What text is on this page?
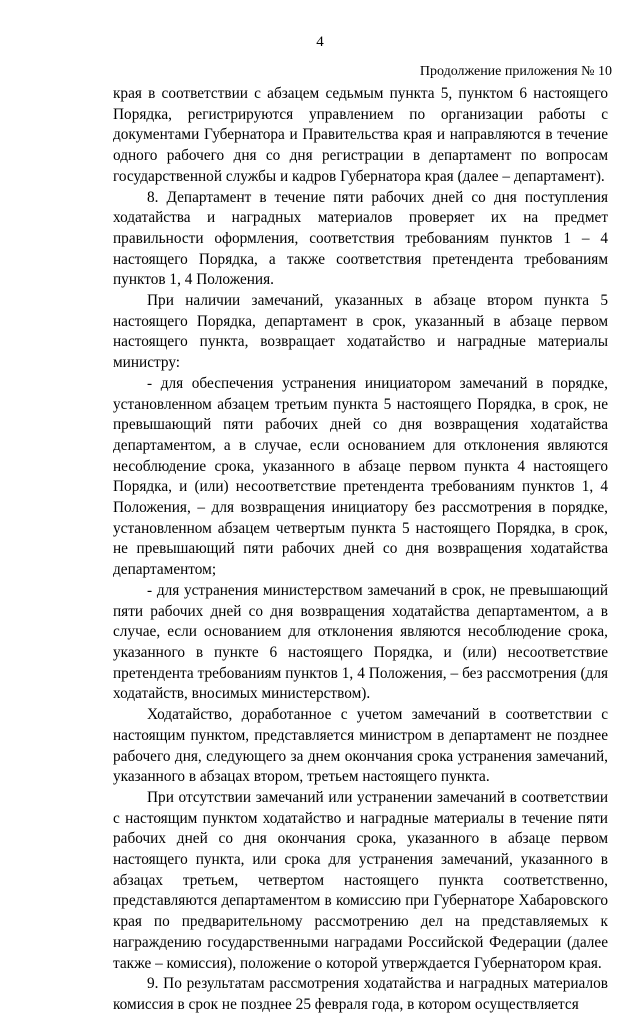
4
Продолжение приложения № 10

края в соответствии с абзацем седьмым пункта 5, пунктом 6 настоящего Порядка, регистрируются управлением по организации работы с документами Губернатора и Правительства края и направляются в течение одного рабочего дня со дня регистрации в департамент по вопросам государственной службы и кадров Губернатора края (далее – департамент).

8. Департамент в течение пяти рабочих дней со дня поступления ходатайства и наградных материалов проверяет их на предмет правильности оформления, соответствия требованиям пунктов 1 – 4 настоящего Порядка, а также соответствия претендента требованиям пунктов 1, 4 Положения.

При наличии замечаний, указанных в абзаце втором пункта 5 настоящего Порядка, департамент в срок, указанный в абзаце первом настоящего пункта, возвращает ходатайство и наградные материалы министру:

- для обеспечения устранения инициатором замечаний в порядке, установленном абзацем третьим пункта 5 настоящего Порядка, в срок, не превышающий пяти рабочих дней со дня возвращения ходатайства департаментом, а в случае, если основанием для отклонения являются несоблюдение срока, указанного в абзаце первом пункта 4 настоящего Порядка, и (или) несоответствие претендента требованиям пунктов 1, 4 Положения, – для возвращения инициатору без рассмотрения в порядке, установленном абзацем четвертым пункта 5 настоящего Порядка, в срок, не превышающий пяти рабочих дней со дня возвращения ходатайства департаментом;

- для устранения министерством замечаний в срок, не превышающий пяти рабочих дней со дня возвращения ходатайства департаментом, а в случае, если основанием для отклонения являются несоблюдение срока, указанного в пункте 6 настоящего Порядка, и (или) несоответствие претендента требованиям пунктов 1, 4 Положения, – без рассмотрения (для ходатайств, вносимых министерством).

Ходатайство, доработанное с учетом замечаний в соответствии с настоящим пунктом, представляется министром в департамент не позднее рабочего дня, следующего за днем окончания срока устранения замечаний, указанного в абзацах втором, третьем настоящего пункта.

При отсутствии замечаний или устранении замечаний в соответствии с настоящим пунктом ходатайство и наградные материалы в течение пяти рабочих дней со дня окончания срока, указанного в абзаце первом настоящего пункта, или срока для устранения замечаний, указанного в абзацах третьем, четвертом настоящего пункта соответственно, представляются департаментом в комиссию при Губернаторе Хабаровского края по предварительному рассмотрению дел на представляемых к награждению государственными наградами Российской Федерации (далее также – комиссия), положение о которой утверждается Губернатором края.

9. По результатам рассмотрения ходатайства и наградных материалов комиссия в срок не позднее 25 февраля года, в котором осуществляется
